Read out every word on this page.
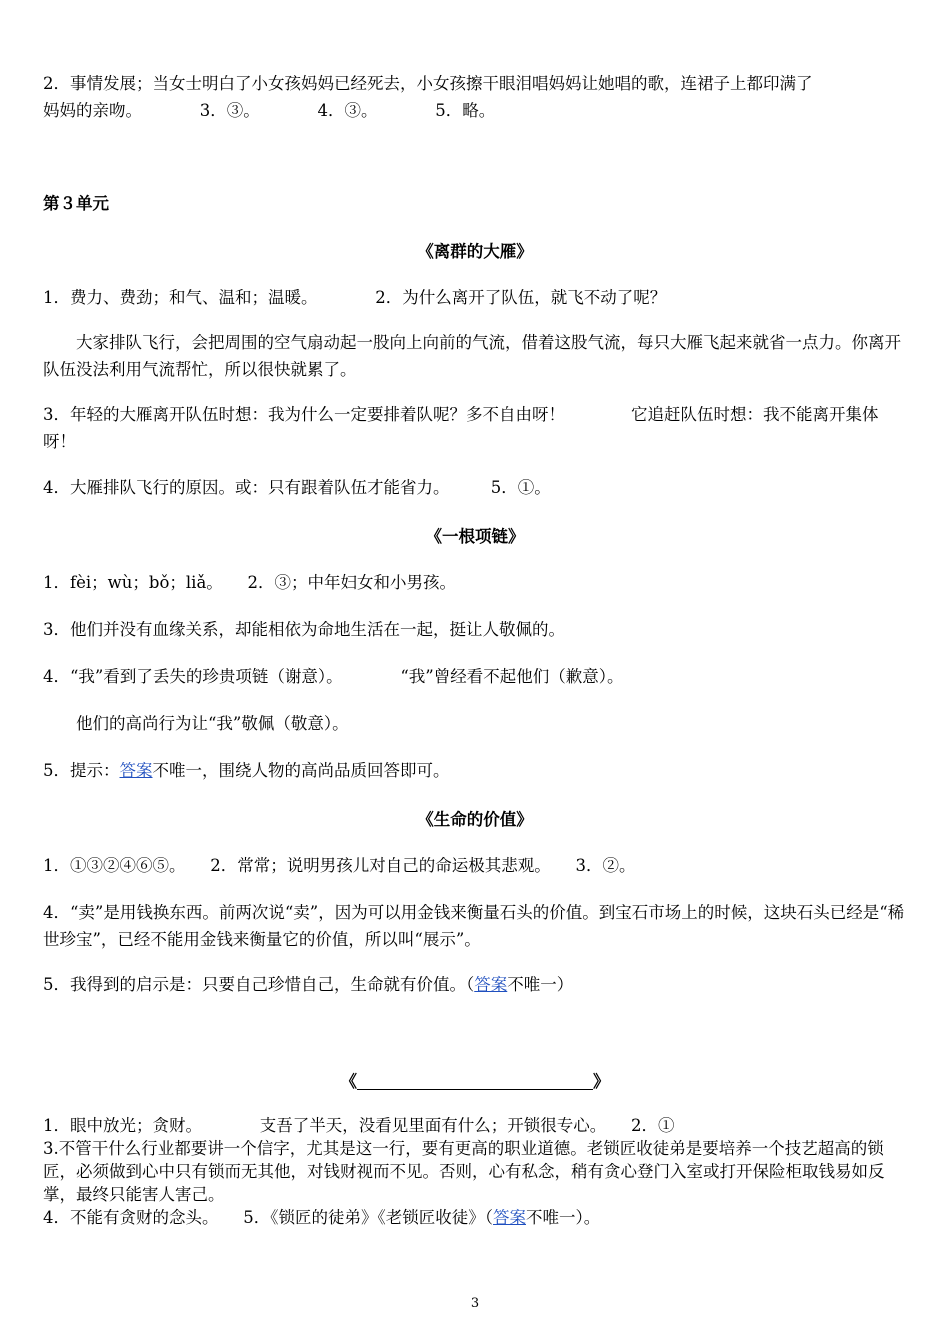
2．事情发展；当女士明白了小女孩妈妈已经死去，小女孩擦干眼泪唱妈妈让她唱的歌，连裙子上都印满了
妈妈的亲吻。　　　　3．③。　　　　4．③。　　　　5．略。

第３单元
《离群的大雁》

1．费力、费劲；和气、温和；温暖。　　　　2．为什么离开了队伍，就飞不动了呢？

大家排队飞行，会把周围的空气扇动起一股向上向前的气流，借着这股气流，每只大雁飞起来就省一点力。你离开队伍没法利用气流帮忙，所以很快就累了。

3．年轻的大雁离开队伍时想：我为什么一定要排着队呢？多不自由呀！　　　　它追赶队伍时想：我不能离开集体呀！

4．大雁排队飞行的原因。或：只有跟着队伍才能省力。　　　5．①。

《一根项链》

1．fèi；wù；bǒ；liǎ。　　2．③；中年妇女和小男孩。

3．他们并没有血缘关系，却能相依为命地生活在一起，挺让人敬佩的。

4．“我”看到了丢失的珍贵项链（谢意）。　　　　“我”曾经看不起他们（歉意）。

他们的高尚行为让“我”敬佩（敬意）。

5．提示：答案不唯一，围绕人物的高尚品质回答即可。

《生命的价值》

1．①③②④⑥⑤。　　2．常常；说明男孩儿对自己的命运极其悲观。　　3．②。

4．“卖”是用钱换东西。前两次说“卖”，因为可以用金钱来衡量石头的价值。到宝石市场上的时候，这块石头已经是“稀世珍宝”，已经不能用金钱来衡量它的价值，所以叫“展示”。

5．我得到的启示是：只要自己珍惜自己，生命就有价值。（答案不唯一）

《	》

1．眼中放光；贪财。　　　　支吾了半天，没看见里面有什么；开锁很专心。　　2．①

3.不管干什么行业都要讲一个信字，尤其是这一行，要有更高的职业道德。老锁匠收徒弟是要培养一个技艺超高的锁匠，必须做到心中只有锁而无其他，对钱财视而不见。否则，心有私念，稍有贪心登门入室或打开保险柜取钱易如反掌，最终只能害人害己。

4．不能有贪财的念头。　　5．《锁匠的徒弟》《老锁匠收徒》（答案不唯一）。

3
